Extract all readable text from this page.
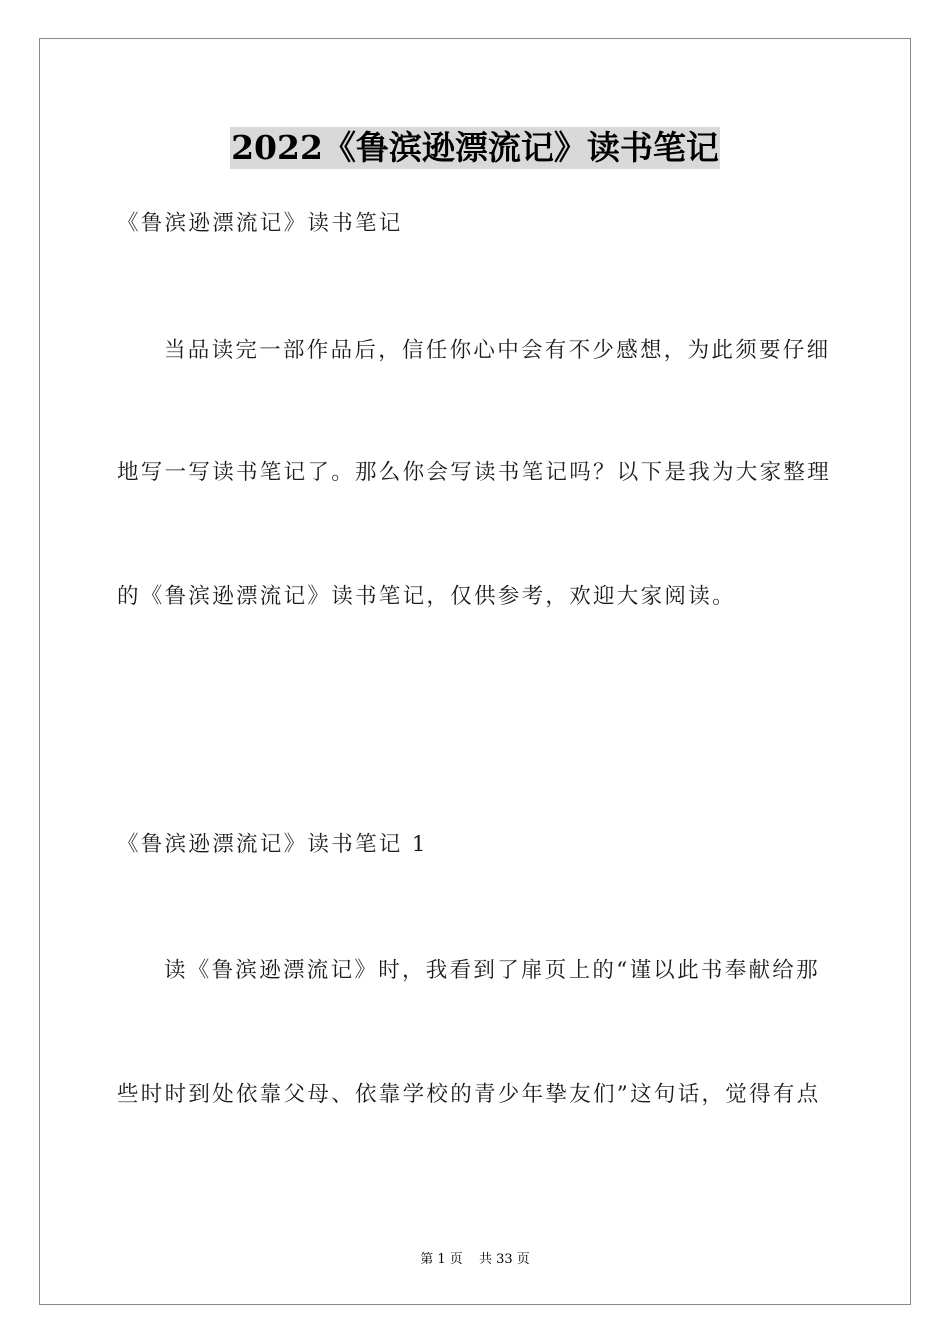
2022《鲁滨逊漂流记》读书笔记
《鲁滨逊漂流记》读书笔记
当品读完一部作品后，信任你心中会有不少感想，为此须要仔细
地写一写读书笔记了。那么你会写读书笔记吗？以下是我为大家整理
的《鲁滨逊漂流记》读书笔记，仅供参考，欢迎大家阅读。
《鲁滨逊漂流记》读书笔记 1
读《鲁滨逊漂流记》时，我看到了扉页上的“谨以此书奉献给那
些时时到处依靠父母、依靠学校的青少年挚友们”这句话，觉得有点
第 1 页 共 33 页
